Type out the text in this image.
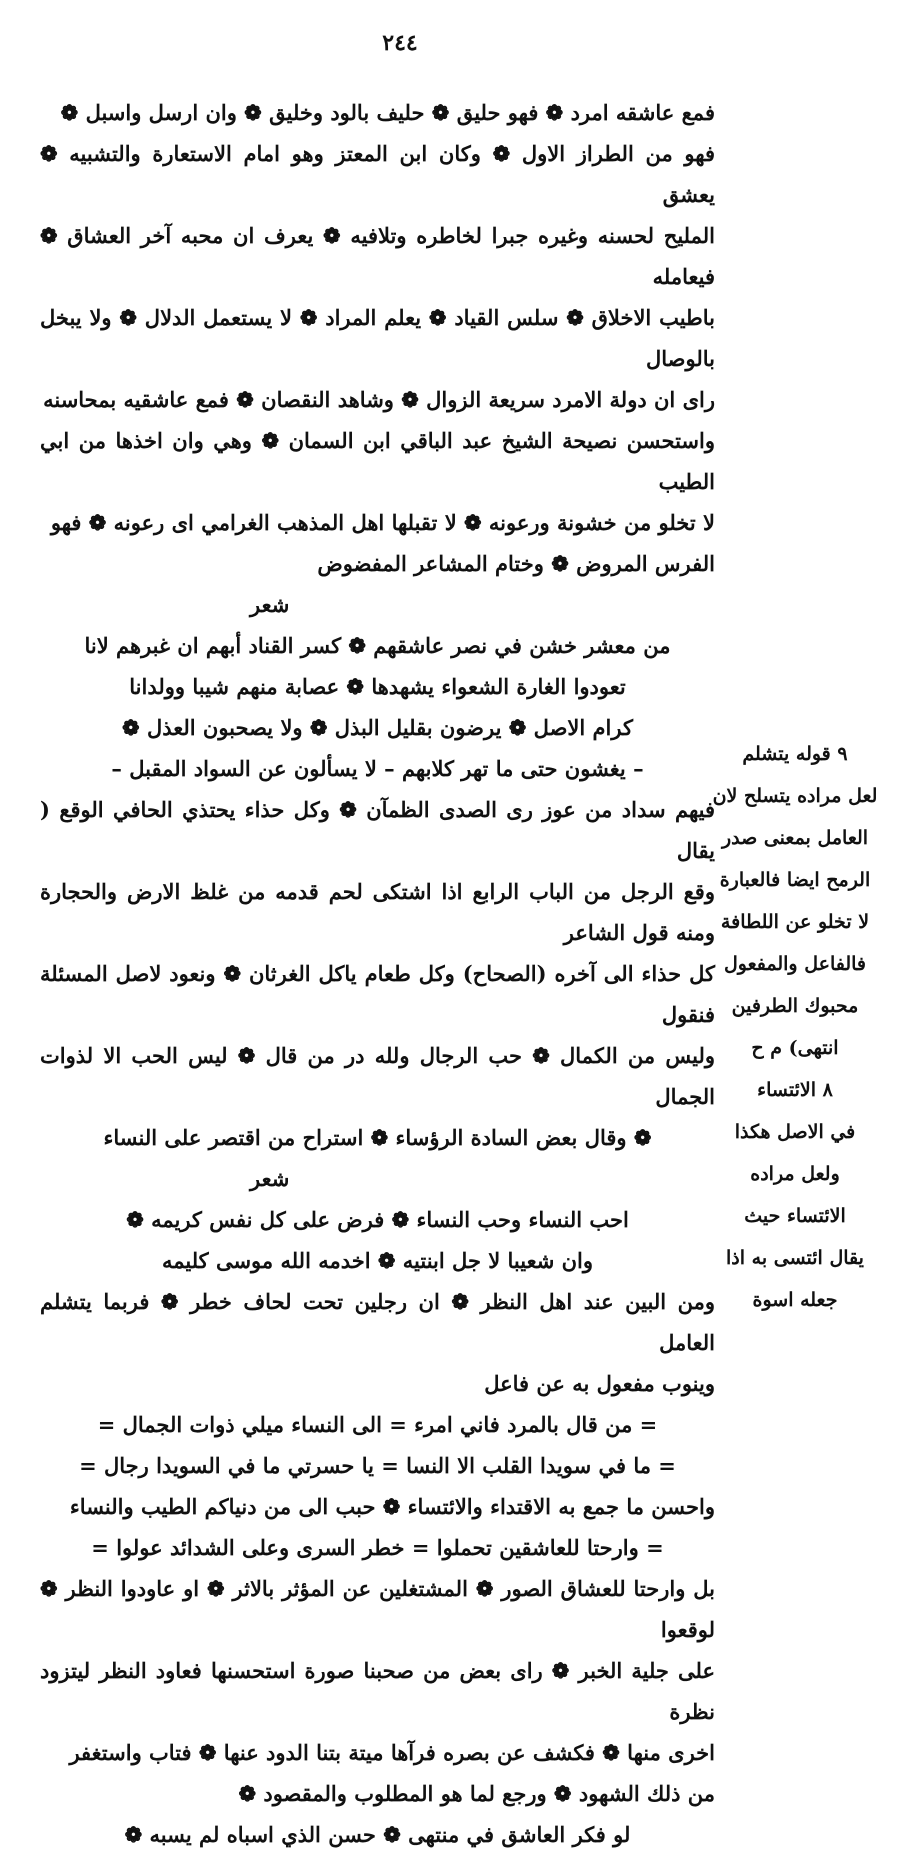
٢٤٤

فمع عاشقه امرد ❁ فهو حليق ❁ حليف بالود وخليق ❁ وان ارسل واسبل ❁

فهو من الطراز الاول ❁ وكان ابن المعتز وهو امام الاستعارة والتشبيه ❁ يعشق

المليح لحسنه وغيره جبرا لخاطره وتلافيه ❁ يعرف ان محبه آخر العشاق ❁ فيعامله

باطيب الاخلاق ❁ سلس القياد ❁ يعلم المراد ❁ لا يستعمل الدلال ❁ ولا يبخل بالوصال

راى ان دولة الامرد سريعة الزوال ❁ وشاهد النقصان ❁ فمع عاشقيه بمحاسنه

واستحسن نصيحة الشيخ عبد الباقي ابن السمان ❁ وهي وان اخذها من ابي الطيب

لا تخلو من خشونة ورعونه ❁ لا تقبلها اهل المذهب الغرامي اى رعونه ❁ فهو

الفرس المروض ❁ وختام المشاعر المفضوض

شعر

من معشر خشن في نصر عاشقهم ❁ كسر القناد أبهم ان غبرهم لانا

تعودوا الغارة الشعواء يشهدها ❁ عصابة منهم شيبا وولدانا

كرام الاصل ❁ يرضون بقليل البذل ❁ ولا يصحبون العذل ❁

– يغشون حتى ما تهر كلابهم – لا يسألون عن السواد المقبل –

فيهم سداد من عوز رى الصدى الظمآن ❁ وكل حذاء يحتذي الحافي الوقع ( يقال

وقع الرجل من الباب الرابع اذا اشتكى لحم قدمه من غلظ الارض والحجارة ومنه قول الشاعر

كل حذاء الى آخره (الصحاح) وكل طعام ياكل الغرثان ❁ ونعود لاصل المسئلة فنقول

وليس من الكمال ❁ حب الرجال ولله در من قال ❁ ليس الحب الا لذوات الجمال

❁ وقال بعض السادة الرؤساء ❁ استراح من اقتصر على النساء

شعر

احب النساء وحب النساء ❁ فرض على كل نفس كريمه ❁

وان شعيبا لا جل ابنتيه ❁ اخدمه الله موسى كليمه

ومن البين عند اهل النظر ❁ ان رجلين تحت لحاف خطر ❁ فربما يتشلم العامل

وينوب مفعول به عن فاعل

= من قال بالمرد فاني امرء = الى النساء ميلي ذوات الجمال =

= ما في سويدا القلب الا النسا = يا حسرتي ما في السويدا رجال =

واحسن ما جمع به الاقتداء والائتساء ❁ حبب الى من دنياكم الطيب والنساء

= وارحتا للعاشقين تحملوا = خطر السرى وعلى الشدائد عولوا =

بل وارحتا للعشاق الصور ❁ المشتغلين عن المؤثر بالاثر ❁ او عاودوا النظر ❁ لوقعوا

على جلية الخبر ❁ راى بعض من صحبنا صورة استحسنها فعاود النظر ليتزود نظرة

اخرى منها ❁ فكشف عن بصره فرآها ميتة بتنا الدود عنها ❁ فتاب واستغفر

من ذلك الشهود ❁ ورجع لما هو المطلوب والمقصود ❁

لو فكر العاشق في منتهى ❁ حسن الذي اسباه لم يسبه ❁

٩ قوله يتشلم

لعل مراده يتسلح لان

العامل بمعنى صدر

الرمح ايضا فالعبارة

لا تخلو عن اللطافة

فالفاعل والمفعول

محبوك الطرفين

انتهى) م ح

٨ الائتساء

في الاصل هكذا

ولعل مراده

الائتساء حيث

يقال ائتسى به اذا

جعله اسوة
